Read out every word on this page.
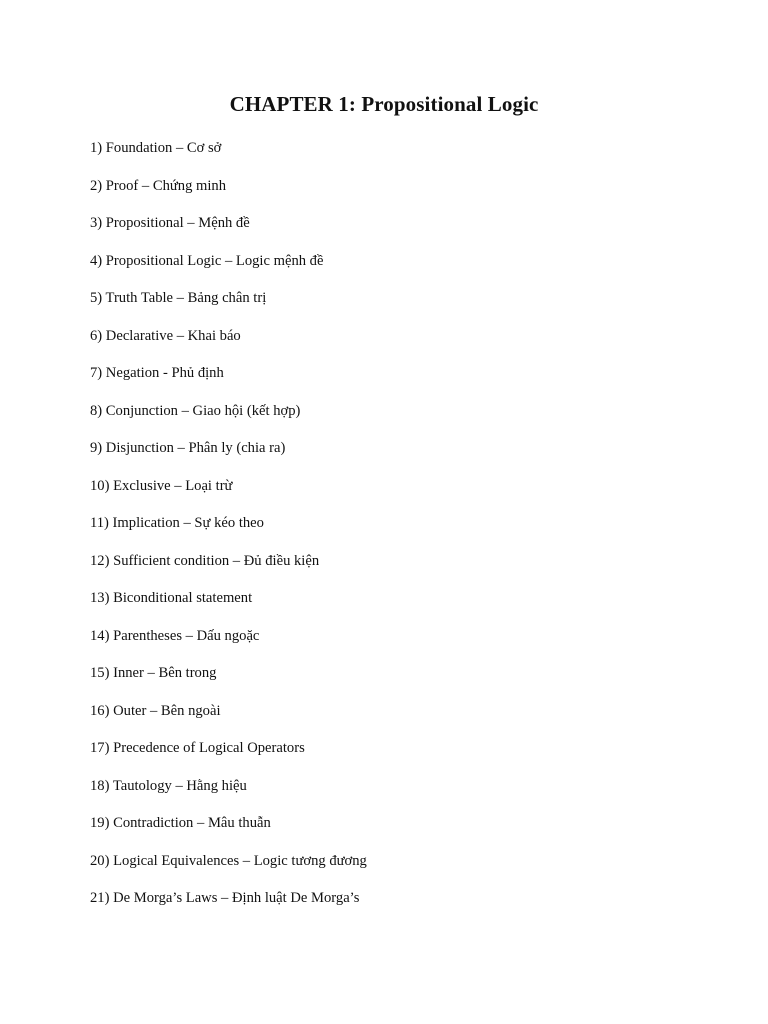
CHAPTER 1: Propositional Logic
1) Foundation – Cơ sở
2) Proof – Chứng minh
3) Propositional – Mệnh đề
4) Propositional Logic – Logic mệnh đề
5) Truth Table – Bảng chân trị
6) Declarative – Khai báo
7) Negation - Phủ định
8) Conjunction – Giao hội (kết hợp)
9) Disjunction – Phân ly (chia ra)
10) Exclusive – Loại trừ
11) Implication – Sự kéo theo
12) Sufficient condition – Đủ điều kiện
13) Biconditional statement
14) Parentheses – Dấu ngoặc
15) Inner – Bên trong
16) Outer – Bên ngoài
17) Precedence of Logical Operators
18) Tautology – Hằng hiệu
19) Contradiction – Mâu thuẫn
20) Logical Equivalences – Logic tương đương
21) De Morga’s Laws – Định luật De Morga’s
